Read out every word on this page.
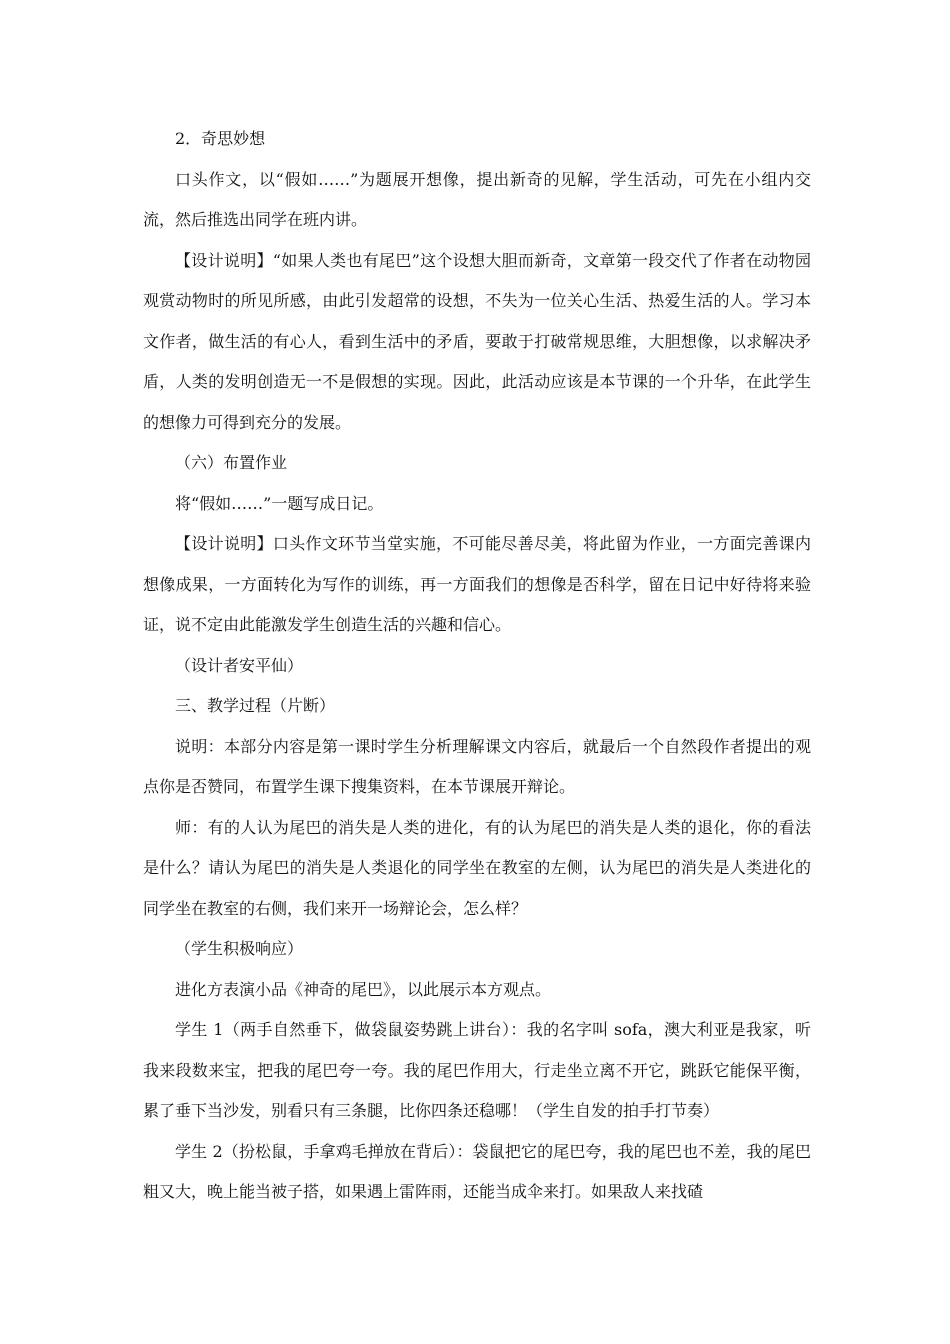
2．奇思妙想

口头作文，以“假如……”为题展开想像，提出新奇的见解，学生活动，可先在小组内交流，然后推选出同学在班内讲。

【设计说明】“如果人类也有尾巴”这个设想大胆而新奇，文章第一段交代了作者在动物园观赏动物时的所见所感，由此引发超常的设想，不失为一位关心生活、热爱生活的人。学习本文作者，做生活的有心人，看到生活中的矛盾，要敢于打破常规思维，大胆想像，以求解决矛盾，人类的发明创造无一不是假想的实现。因此，此活动应该是本节课的一个升华，在此学生的想像力可得到充分的发展。

（六）布置作业

将“假如……”一题写成日记。

【设计说明】口头作文环节当堂实施，不可能尽善尽美，将此留为作业，一方面完善课内想像成果，一方面转化为写作的训练，再一方面我们的想像是否科学，留在日记中好待将来验证，说不定由此能激发学生创造生活的兴趣和信心。

（设计者安平仙）

三、教学过程（片断）

说明：本部分内容是第一课时学生分析理解课文内容后，就最后一个自然段作者提出的观点你是否赞同，布置学生课下搜集资料，在本节课展开辩论。

师：有的人认为尾巴的消失是人类的进化，有的认为尾巴的消失是人类的退化，你的看法是什么？请认为尾巴的消失是人类退化的同学坐在教室的左侧，认为尾巴的消失是人类进化的同学坐在教室的右侧，我们来开一场辩论会，怎么样？

（学生积极响应）

进化方表演小品《神奇的尾巴》，以此展示本方观点。

学生 1（两手自然垂下，做袋鼠姿势跳上讲台）：我的名字叫 sofa，澳大利亚是我家，听我来段数来宝，把我的尾巴夸一夸。我的尾巴作用大，行走坐立离不开它，跳跃它能保平衡，累了垂下当沙发，别看只有三条腿，比你四条还稳哪！（学生自发的拍手打节奏）

学生 2（扮松鼠，手拿鸡毛掸放在背后）：袋鼠把它的尾巴夸，我的尾巴也不差，我的尾巴粗又大，晚上能当被子搭，如果遇上雷阵雨，还能当成伞来打。如果敌人来找碴
